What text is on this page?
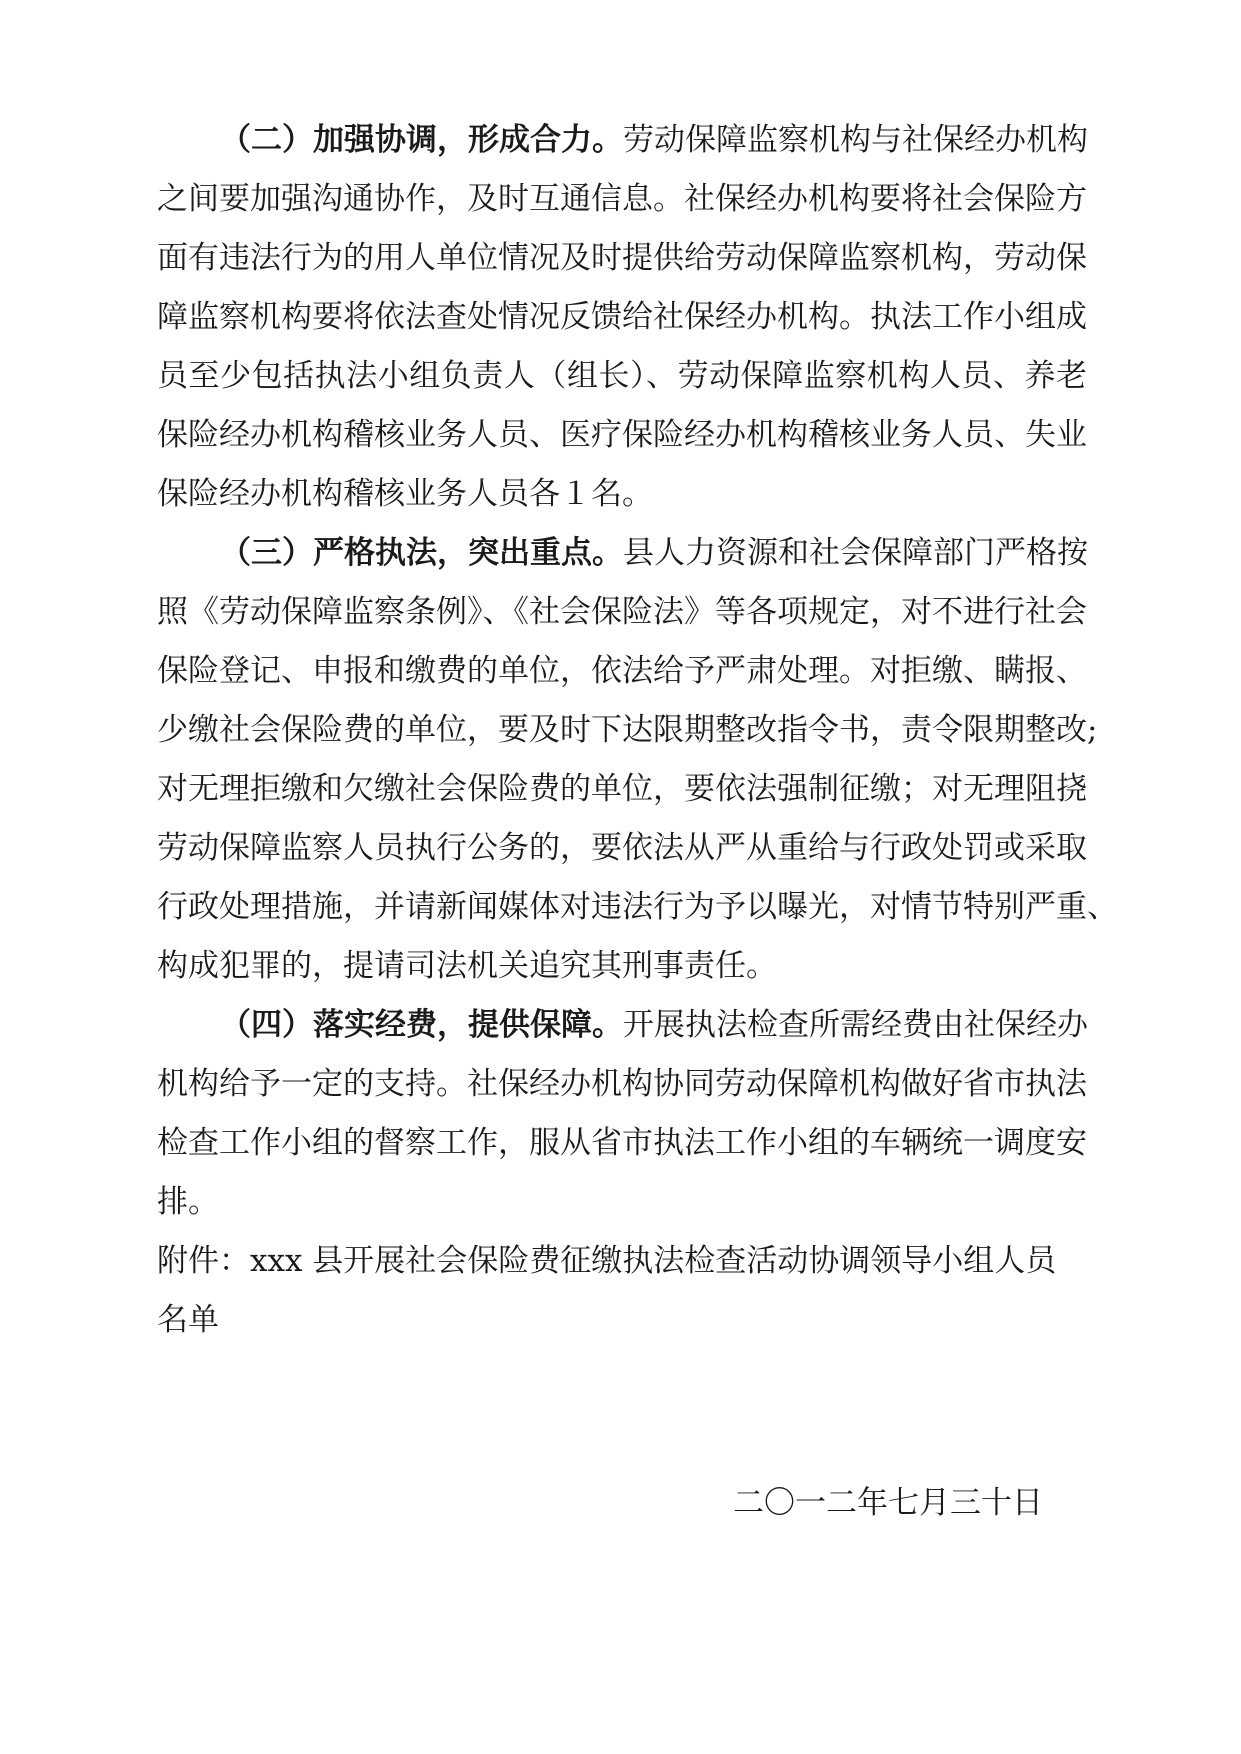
（二）加强协调，形成合力。劳动保障监察机构与社保经办机构
之间要加强沟通协作，及时互通信息。社保经办机构要将社会保险方
面有违法行为的用人单位情况及时提供给劳动保障监察机构，劳动保
障监察机构要将依法查处情况反馈给社保经办机构。执法工作小组成
员至少包括执法小组负责人（组长）、劳动保障监察机构人员、养老
保险经办机构稽核业务人员、医疗保险经办机构稽核业务人员、失业
保险经办机构稽核业务人员各１名。
（三）严格执法，突出重点。县人力资源和社会保障部门严格按
照《劳动保障监察条例》、《社会保险法》等各项规定，对不进行社会
保险登记、申报和缴费的单位，依法给予严肃处理。对拒缴、瞒报、
少缴社会保险费的单位，要及时下达限期整改指令书，责令限期整改;
对无理拒缴和欠缴社会保险费的单位，要依法强制征缴；对无理阻挠
劳动保障监察人员执行公务的，要依法从严从重给与行政处罚或采取
行政处理措施，并请新闻媒体对违法行为予以曝光，对情节特别严重、
构成犯罪的，提请司法机关追究其刑事责任。
（四）落实经费，提供保障。开展执法检查所需经费由社保经办
机构给予一定的支持。社保经办机构协同劳动保障机构做好省市执法
检查工作小组的督察工作，服从省市执法工作小组的车辆统一调度安
排。
附件：xxx 县开展社会保险费征缴执法检查活动协调领导小组人员
名单
二〇一二年七月三十日
